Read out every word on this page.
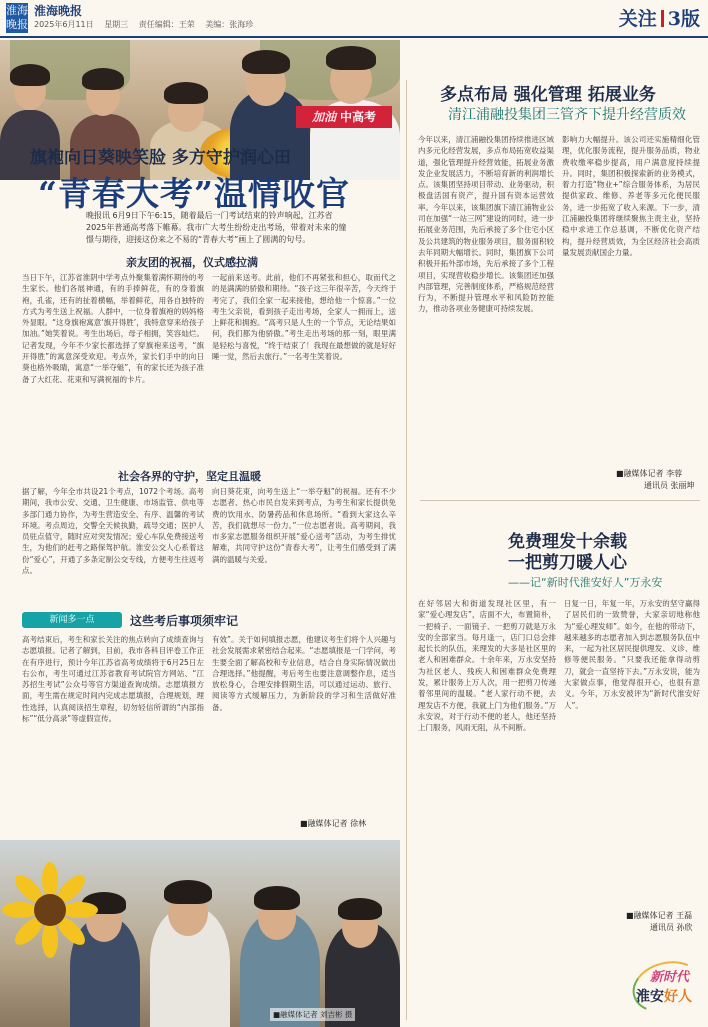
淮海晚报
淮海晚报
2025年6月11日 星期三 责任编辑：王荣 美编：张海珍	关注 3版
加油 中高考
旗袍向日葵映笑脸 多方守护润心田
“青春大考”温情收官
晚报讯 6月9日下午6:15，随着最后一门考试结束的铃声响起，江苏省2025年普通高考落下帷幕。我市广大考生纷纷走出考场，带着对未来的憧憬与期待，迎接这份来之不易的“青春大考”画上了圆满的句号。
亲友团的祝福，仪式感拉满
当日下午，江苏省淮阴中学考点外聚集着满怀期待的考生家长。他们各展神通，有的手捧鲜花，有的身着旗袍，孔雀，还有的扯着横幅，举着鲜花，用各自独特的方式为考生送上祝福。人群中，一位身着旗袍的妈妈格外显眼。“这身旗袍寓意‘旗开得胜’，我特意穿来给孩子加油。”她笑着说。考生出场后，母子相拥，笑容灿烂。记者发现，今年不少家长都选择了穿旗袍来送考，“旗开得胜”的寓意深受欢迎。考点外，家长们手中的向日葵也格外吸睛，寓意“一举夺魁”，有的家长还为孩子准备了大红花、花束和写满祝福的卡片。
一起前来送考。此前，他们不再紧张和担心，取而代之的是满满的骄傲和期待。“孩子这三年很辛苦，今天终于考完了，我们全家一起来接他，想给他一个惊喜。”一位考生父亲说，看到孩子走出考场，全家人一拥而上，送上鲜花和拥抱。“高考只是人生的一个节点，无论结果如何，我们都为他骄傲。”考生走出考场的那一刻，眼里满是轻松与喜悦，“终于结束了！我现在最想做的就是好好睡一觉，然后去旅行。”一名考生笑着说。
社会各界的守护，坚定且温暖
据了解，今年全市共设21个考点，1072个考场。高考期间，我市公安、交通、卫生健康、市场监管、供电等多部门通力协作，为考生营造安全、有序、温馨的考试环境。考点周边，交警全天候执勤，疏导交通；医护人员驻点值守，随时应对突发情况；爱心车队免费接送考生，为他们的赶考之路保驾护航。淮安公交人心系着这份“爱心”，开通了多条定制公交专线，方便考生往返考点。
向日葵花束，向考生送上“一举夺魁”的祝福。还有不少志愿者、热心市民自发来到考点，为考生和家长提供免费的饮用水、防暑药品和休息场所。“看到大家这么辛苦，我们就想尽一份力。”一位志愿者说。高考期间，我市多家志愿服务组织开展“爱心送考”活动，为考生排忧解难，共同守护这份“青春大考”，让考生们感受到了满满的温暖与关爱。
新闻多一点	这些考后事项须牢记
高考结束后，考生和家长关注的焦点转向了成绩查询与志愿填报。记者了解到，目前，我市各科目评卷工作正在有序进行，预计今年江苏省高考成绩将于6月25日左右公布，考生可通过江苏省教育考试院官方网站、“江苏招生考试”公众号等官方渠道查询成绩。志愿填报方面，考生需在规定时间内完成志愿填报，合理规划，理性选择，认真阅读招生章程，切勿轻信所谓的“内部指标”“低分高录”等虚假宣传。
有效”。关于如何填报志愿，他建议考生们将个人兴趣与社会发展需求紧密结合起来。“志愿填报是一门学问，考生要全面了解高校和专业信息，结合自身实际情况做出合理选择。”他提醒，考后考生也要注意调整作息，适当放松身心，合理安排假期生活，可以通过运动、旅行、阅读等方式缓解压力，为新阶段的学习和生活做好准备。
■融媒体记者 徐林
■融媒体记者 刘吉彬 摄
多点布局 强化管理 拓展业务
清江浦融投集团三管齐下提升经营质效
今年以来，清江浦融投集团持续推进区域内多元化经营发展，多点布局拓宽收益渠道，强化管理提升经营效能，拓展业务激发企业发展活力，不断培育新的利润增长点。该集团坚持项目带动、业务驱动，积极盘活国有资产，提升国有资本运营效率。今年以来，该集团旗下清江浦物业公司在加强“一站三网”建设的同时，进一步拓展业务范围，先后承接了多个住宅小区及公共建筑的物业服务项目，服务面积较去年同期大幅增长。同时，集团旗下公司积极开拓外部市场，先后承接了多个工程项目，实现营收稳步增长。该集团还加强内部管理，完善制度体系，严格规范经营行为，不断提升管理水平和风险防控能力，推动各项业务健康可持续发展。
影响力大幅提升。该公司还实施精细化管理，优化服务流程，提升服务品质，物业费收缴率稳步提高，用户满意度持续提升。同时，集团积极探索新的业务模式，着力打造“物业+”综合服务体系，为居民提供家政、维修、养老等多元化便民服务，进一步拓宽了收入来源。下一步，清江浦融投集团将继续聚焦主责主业，坚持稳中求进工作总基调，不断优化资产结构，提升经营质效，为全区经济社会高质量发展贡献国企力量。
■融媒体记者 李蓉
通讯员 张丽坤
免费理发十余载
一把剪刀暖人心
——记“新时代淮安好人”万永安
在好邻居大和街道发现社区里，有一家“爱心理发店”，店面不大，布置简朴，一把椅子、一面镜子、一把剪刀就是万永安的全部家当。每月逢一，店门口总会排起长长的队伍，来理发的大多是社区里的老人和困难群众。十余年来，万永安坚持为社区老人、残疾人和困难群众免费理发，累计服务上万人次，用一把剪刀传递着邻里间的温暖。“老人家行动不便，去理发店不方便，我就上门为他们服务。”万永安说，对于行动不便的老人，他还坚持上门服务，风雨无阻，从不间断。
日复一日，年复一年，万永安的坚守赢得了居民们的一致赞誉，大家亲切地称他为“爱心理发师”。如今，在他的带动下，越来越多的志愿者加入到志愿服务队伍中来，一起为社区居民提供理发、义诊、维修等便民服务。“只要我还能拿得动剪刀，就会一直坚持下去。”万永安说，能为大家做点事，他觉得很开心，也很有意义。今年，万永安被评为“新时代淮安好人”。
■融媒体记者 王磊
通讯员 孙欣
新时代
淮安好人
